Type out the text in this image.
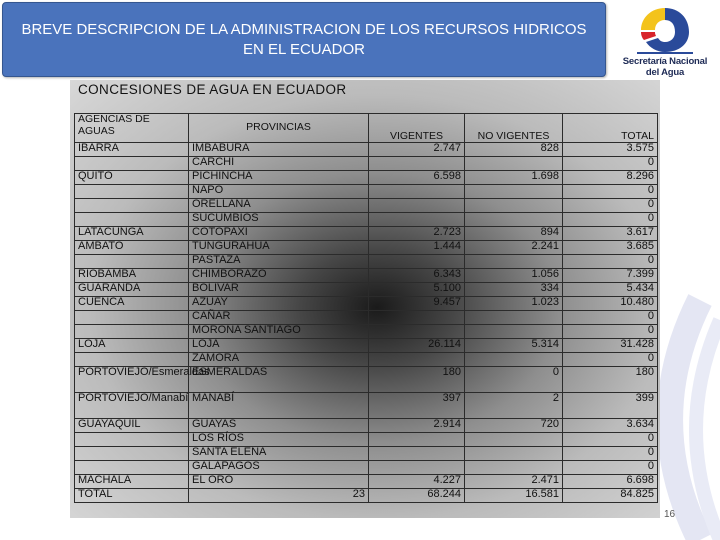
BREVE DESCRIPCION DE LA ADMINISTRACION DE LOS RECURSOS HIDRICOS EN EL ECUADOR
Secretaría Nacional
del Agua
CONCESIONES DE AGUA EN ECUADOR
AGENCIAS DE AGUAS	PROVINCIAS	VIGENTES	NO VIGENTES	TOTAL
IBARRA	IMBABURA	2.747	828	3.575
	CARCHI			0
QUITO	PICHINCHA	6.598	1.698	8.296
	NAPO			0
	ORELLANA			0
	SUCUMBIOS			0
LATACUNGA	COTOPAXI	2.723	894	3.617
AMBATO	TUNGURAHUA	1.444	2.241	3.685
	PASTAZA			0
RIOBAMBA	CHIMBORAZO	6.343	1.056	7.399
GUARANDA	BOLIVAR	5.100	334	5.434
CUENCA	AZUAY	9.457	1.023	10.480
	CAÑAR			0
	MORONA SANTIAGO			0
LOJA	LOJA	26.114	5.314	31.428
	ZAMORA			0
PORTOVIEJO/Esmeraldas	ESMERALDAS	180	0	180
PORTOVIEJO/Manabí	MANABÍ	397	2	399
GUAYAQUIL	GUAYAS	2.914	720	3.634
	LOS RÍOS			0
	SANTA ELENA			0
	GALAPAGOS			0
MACHALA	EL ORO	4.227	2.471	6.698
TOTAL	23	68.244	16.581	84.825
16
